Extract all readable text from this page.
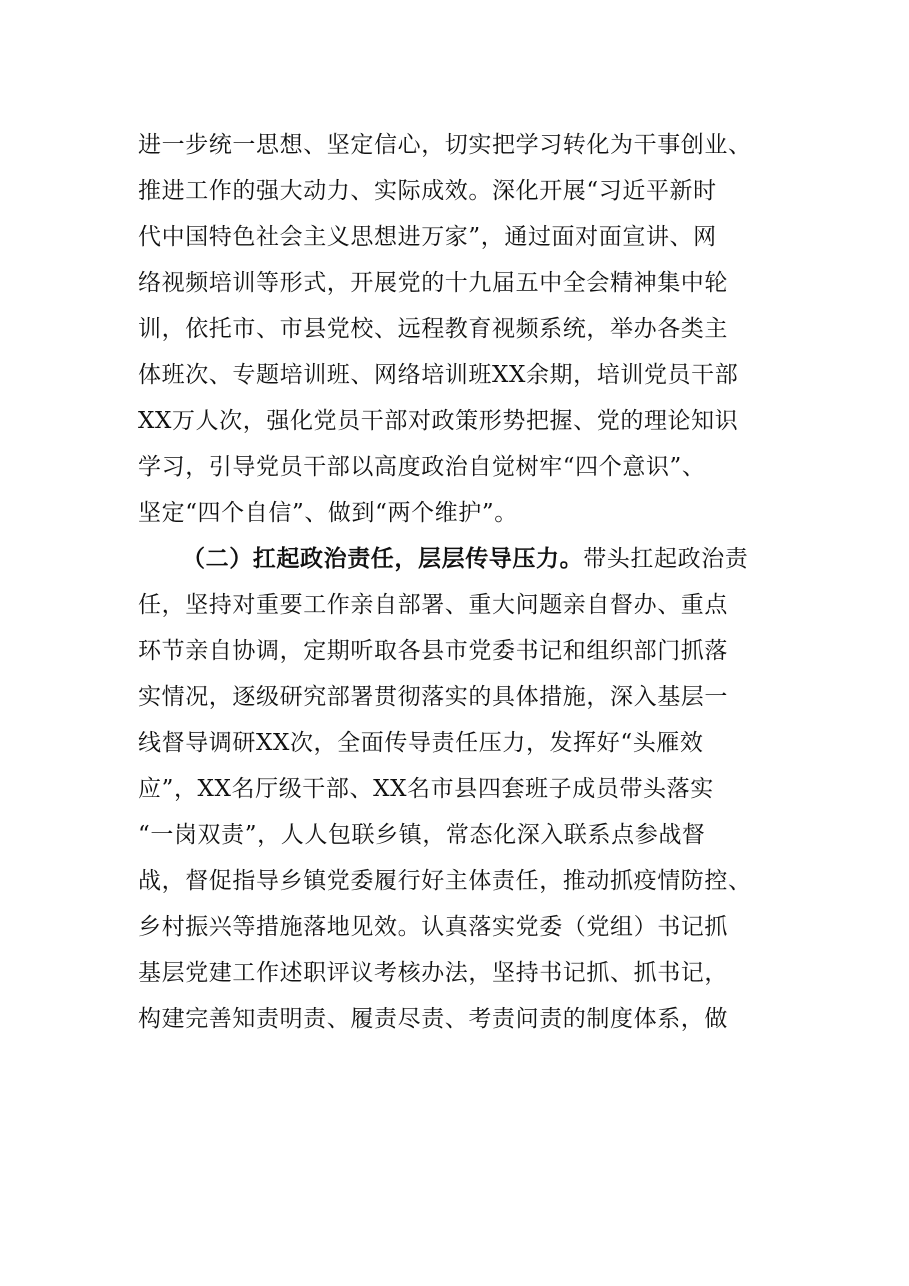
进一步统一思想、坚定信心，切实把学习转化为干事创业、
推进工作的强大动力、实际成效。深化开展“习近平新时
代中国特色社会主义思想进万家”，通过面对面宣讲、网
络视频培训等形式，开展党的十九届五中全会精神集中轮
训，依托市、市县党校、远程教育视频系统，举办各类主
体班次、专题培训班、网络培训班XX余期，培训党员干部
XX万人次，强化党员干部对政策形势把握、党的理论知识
学习，引导党员干部以高度政治自觉树牢“四个意识”、
坚定“四个自信”、做到“两个维护”。
（二）扛起政治责任，层层传导压力。带头扛起政治责
任，坚持对重要工作亲自部署、重大问题亲自督办、重点
环节亲自协调，定期听取各县市党委书记和组织部门抓落
实情况，逐级研究部署贯彻落实的具体措施，深入基层一
线督导调研XX次，全面传导责任压力，发挥好“头雁效
应”，XX名厅级干部、XX名市县四套班子成员带头落实
“一岗双责”，人人包联乡镇，常态化深入联系点参战督
战，督促指导乡镇党委履行好主体责任，推动抓疫情防控、
乡村振兴等措施落地见效。认真落实党委（党组）书记抓
基层党建工作述职评议考核办法，坚持书记抓、抓书记，
构建完善知责明责、履责尽责、考责问责的制度体系，做
